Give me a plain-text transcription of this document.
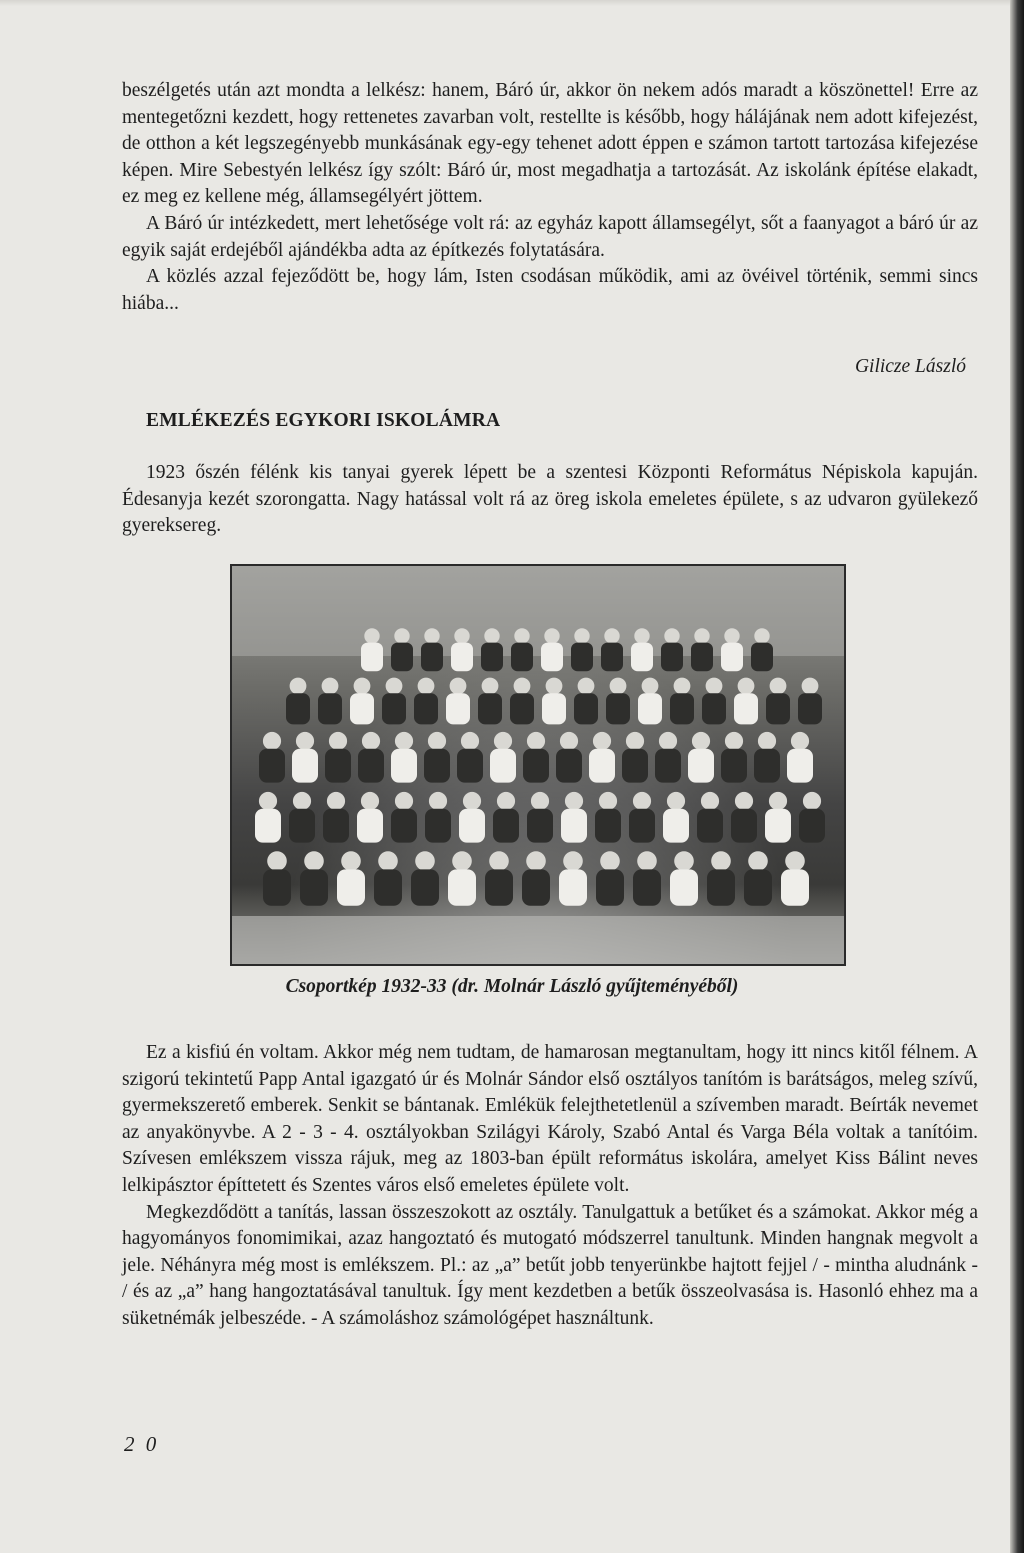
beszélgetés után azt mondta a lelkész: hanem, Báró úr, akkor ön nekem adós maradt a köszönettel! Erre az mentegetőzni kezdett, hogy rettenetes zavarban volt, restellte is később, hogy hálájának nem adott kifejezést, de otthon a két legszegényebb munkásának egy-egy tehenet adott éppen e számon tartott tartozása kifejezése képen. Mire Sebestyén lelkész így szólt: Báró úr, most megadhatja a tartozását. Az iskolánk építése elakadt, ez meg ez kellene még, államsegélyért jöttem.

A Báró úr intézkedett, mert lehetősége volt rá: az egyház kapott államsegélyt, sőt a faanyagot a báró úr az egyik saját erdejéből ajándékba adta az építkezés folytatására.

A közlés azzal fejeződött be, hogy lám, Isten csodásan működik, ami az övéivel történik, semmi sincs hiába...

Gilicze László
EMLÉKEZÉS EGYKORI ISKOLÁMRA

1923 őszén félénk kis tanyai gyerek lépett be a szentesi Központi Református Népiskola kapuján. Édesanyja kezét szorongatta. Nagy hatással volt rá az öreg iskola emeletes épülete, s az udvaron gyülekező gyereksereg.

Csoportkép 1932-33 (dr. Molnár László gyűjteményéből)

Ez a kisfiú én voltam. Akkor még nem tudtam, de hamarosan megtanultam, hogy itt nincs kitől félnem. A szigorú tekintetű Papp Antal igazgató úr és Molnár Sándor első osztályos tanítóm is barátságos, meleg szívű, gyermekszerető emberek. Senkit se bántanak. Emlékük felejthetetlenül a szívemben maradt. Beírták nevemet az anyakönyvbe. A 2 - 3 - 4. osztályokban Szilágyi Károly, Szabó Antal és Varga Béla voltak a tanítóim. Szívesen emlékszem vissza rájuk, meg az 1803-ban épült református iskolára, amelyet Kiss Bálint neves lelkipásztor építtetett és Szentes város első emeletes épülete volt.

Megkezdődött a tanítás, lassan összeszokott az osztály. Tanulgattuk a betűket és a számokat. Akkor még a hagyományos fonomimikai, azaz hangoztató és mutogató módszerrel tanultunk. Minden hangnak megvolt a jele. Néhányra még most is emlékszem. Pl.: az „a” betűt jobb tenyerünkbe hajtott fejjel / - mintha aludnánk - / és az „a” hang hangoztatásával tanultuk. Így ment kezdetben a betűk összeolvasása is. Hasonló ehhez ma a süketnémák jelbeszéde. - A számoláshoz számológépet használtunk.

2 0
